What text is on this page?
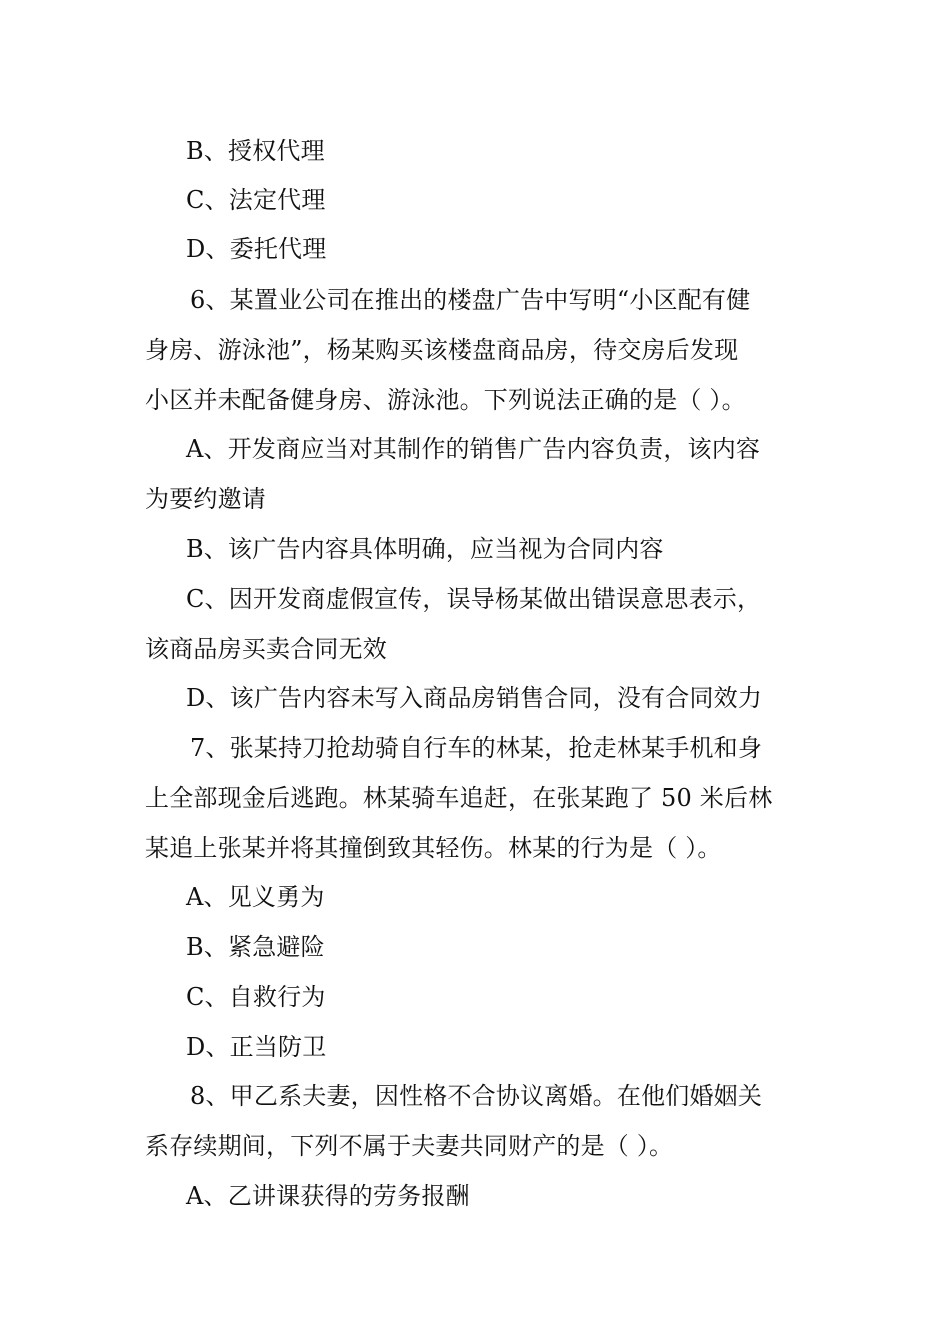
B、授权代理
C、法定代理
D、委托代理
6、某置业公司在推出的楼盘广告中写明“小区配有健
身房、游泳池”，杨某购买该楼盘商品房，待交房后发现
小区并未配备健身房、游泳池。下列说法正确的是（ ）。
A、开发商应当对其制作的销售广告内容负责，该内容
为要约邀请
B、该广告内容具体明确，应当视为合同内容
C、因开发商虚假宣传，误导杨某做出错误意思表示，
该商品房买卖合同无效
D、该广告内容未写入商品房销售合同，没有合同效力
7、张某持刀抢劫骑自行车的林某，抢走林某手机和身
上全部现金后逃跑。林某骑车追赶，在张某跑了 50 米后林
某追上张某并将其撞倒致其轻伤。林某的行为是（ ）。
A、见义勇为
B、紧急避险
C、自救行为
D、正当防卫
8、甲乙系夫妻，因性格不合协议离婚。在他们婚姻关
系存续期间，下列不属于夫妻共同财产的是（ ）。
A、乙讲课获得的劳务报酬
